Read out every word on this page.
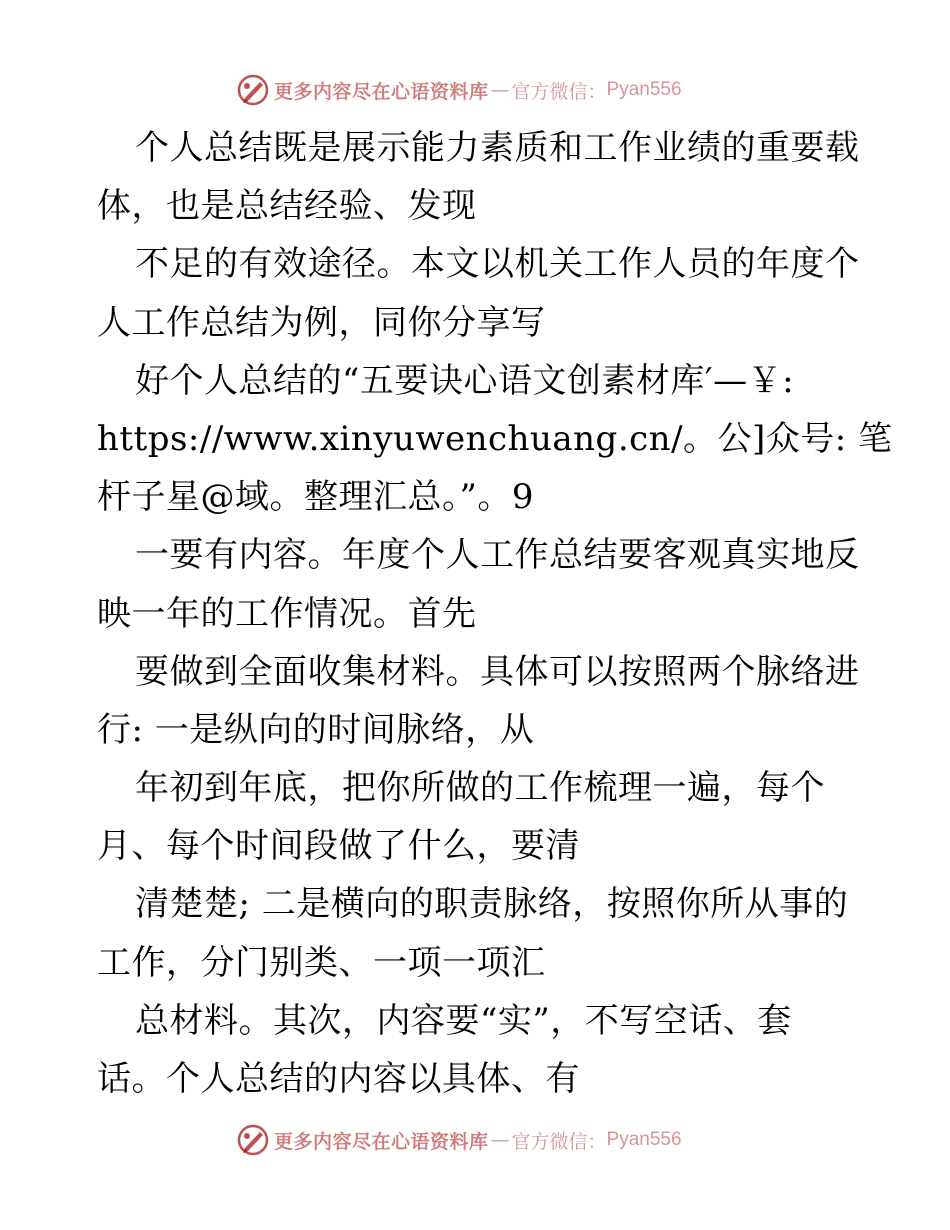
更多内容尽在心语资料库 — 官方微信： Pyan556
个人总结既是展示能力素质和工作业绩的重要载
体，也是总结经验、发现
不足的有效途径。本文以机关工作人员的年度个
人工作总结为例，同你分享写
好个人总结的“五要诀心语文创素材库′—￥:
https://www.xinyuwenchuang.cn/。公]众号: 笔
杆子星@域。整理汇总。”。9
一要有内容。年度个人工作总结要客观真实地反
映一年的工作情况。首先
要做到全面收集材料。具体可以按照两个脉络进
行: 一是纵向的时间脉络，从
年初到年底，把你所做的工作梳理一遍，每个
月、每个时间段做了什么，要清
清楚楚; 二是横向的职责脉络，按照你所从事的
工作，分门别类、一项一项汇
总材料。其次，内容要“实”，不写空话、套
话。个人总结的内容以具体、有
更多内容尽在心语资料库 — 官方微信： Pyan556
